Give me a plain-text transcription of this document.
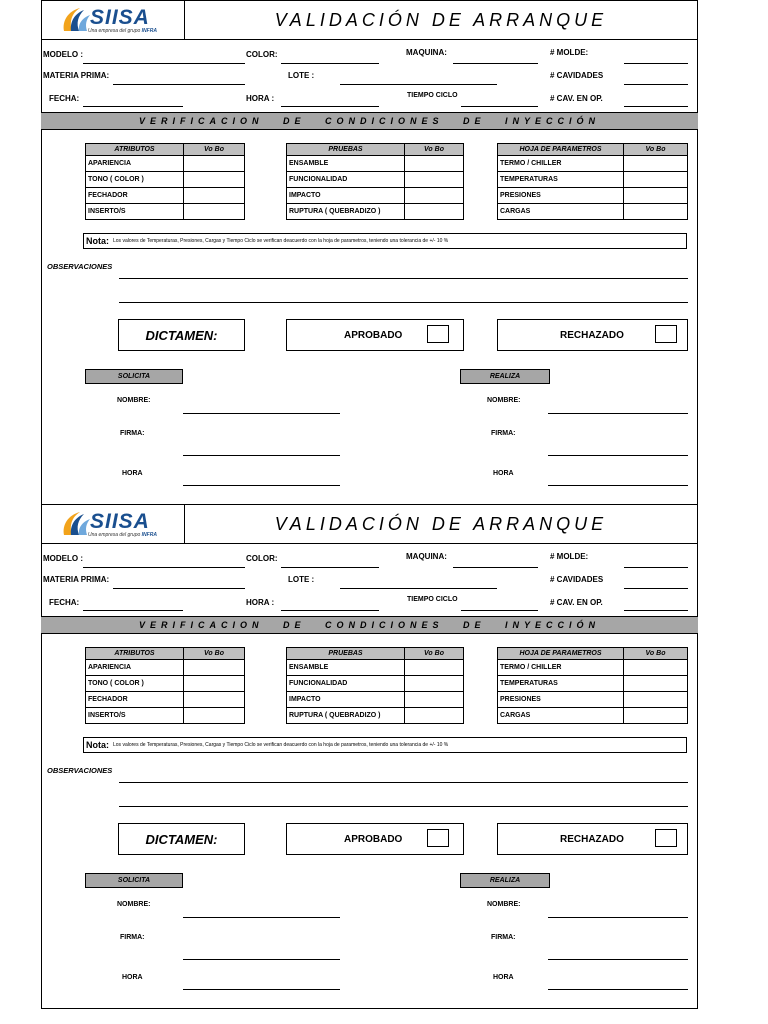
SIISA
Una empresa del grupo INFRA
VALIDACIÓN DE ARRANQUE
MODELO :	COLOR:	MAQUINA:	# MOLDE:
MATERIA PRIMA:	LOTE :	# CAVIDADES
FECHA:	HORA :	TIEMPO CICLO	# CAV. EN OP.
VERIFICACION DE CONDICIONES DE INYECCIÓN
ATRIBUTOS	Vo Bo
APARIENCIA	
TONO ( COLOR )	
FECHADOR	
INSERTO/S	
PRUEBAS	Vo Bo
ENSAMBLE	
FUNCIONALIDAD	
IMPACTO	
RUPTURA ( QUEBRADIZO )	
HOJA DE PARAMETROS	Vo Bo
TERMO / CHILLER	
TEMPERATURAS	
PRESIONES	
CARGAS	
Nota: Los valores de Temperaturas, Presiones, Cargas y Tiempo Ciclo se verifican deacuerdo con la hoja de parametros, teniendo una tolerancia de +/- 10 %
OBSERVACIONES
DICTAMEN:	APROBADO	RECHAZADO
SOLICITA
NOMBRE:
FIRMA:
HORA
REALIZA
NOMBRE:
FIRMA:
HORA
SIISA
Una empresa del grupo INFRA
VALIDACIÓN DE ARRANQUE
MODELO :	COLOR:	MAQUINA:	# MOLDE:
MATERIA PRIMA:	LOTE :	# CAVIDADES
FECHA:	HORA :	TIEMPO CICLO	# CAV. EN OP.
VERIFICACION DE CONDICIONES DE INYECCIÓN
ATRIBUTOS	Vo Bo
APARIENCIA	
TONO ( COLOR )	
FECHADOR	
INSERTO/S	
PRUEBAS	Vo Bo
ENSAMBLE	
FUNCIONALIDAD	
IMPACTO	
RUPTURA ( QUEBRADIZO )	
HOJA DE PARAMETROS	Vo Bo
TERMO / CHILLER	
TEMPERATURAS	
PRESIONES	
CARGAS	
Nota: Los valores de Temperaturas, Presiones, Cargas y Tiempo Ciclo se verifican deacuerdo con la hoja de parametros, teniendo una tolerancia de +/- 10 %
OBSERVACIONES
DICTAMEN:	APROBADO	RECHAZADO
SOLICITA
NOMBRE:
FIRMA:
HORA
REALIZA
NOMBRE:
FIRMA:
HORA
